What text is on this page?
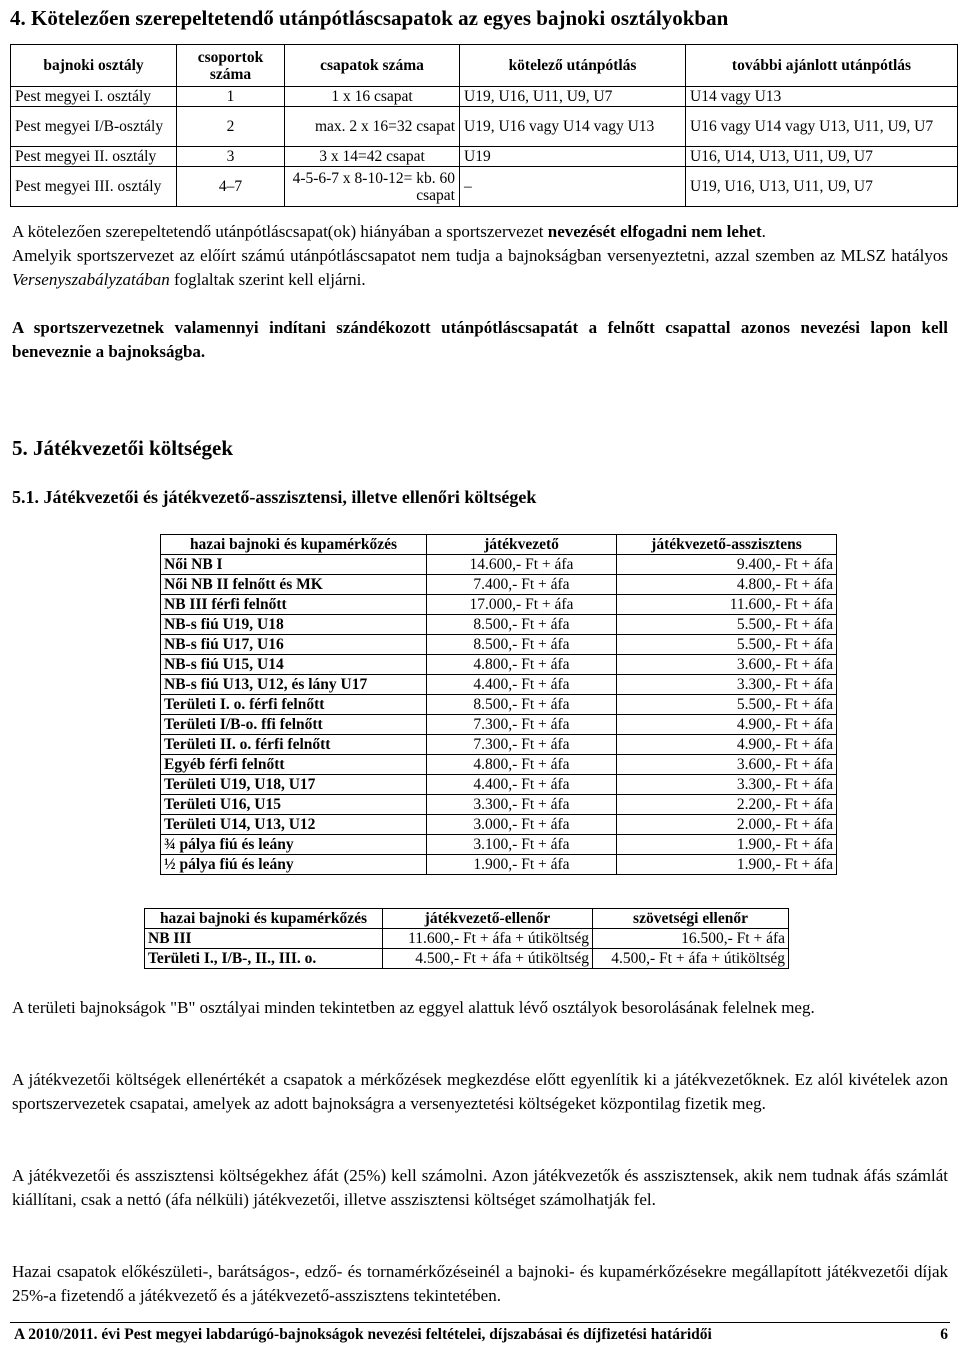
4. Kötelezően szerepeltetendő utánpótláscsapatok az egyes bajnoki osztályokban
bajnoki osztály	csoportok száma	csapatok száma	kötelező utánpótlás	további ajánlott utánpótlás
Pest megyei I. osztály	1	1 x 16 csapat	U19, U16, U11, U9, U7	U14 vagy U13
Pest megyei I/B-osztály	2	max. 2 x 16=32 csapat	U19, U16 vagy U14 vagy U13	U16 vagy U14 vagy U13, U11, U9, U7
Pest megyei II. osztály	3	3 x 14=42 csapat	U19	U16, U14, U13, U11, U9, U7
Pest megyei III. osztály	4–7	4-5-6-7 x 8-10-12= kb. 60 csapat	–	U19, U16, U13, U11, U9, U7

A kötelezően szerepeltetendő utánpótláscsapat(ok) hiányában a sportszervezet nevezését elfogadni nem lehet.

Amelyik sportszervezet az előírt számú utánpótláscsapatot nem tudja a bajnokságban versenyeztetni, azzal szemben az MLSZ hatályos Versenyszabályzatában foglaltak szerint kell eljárni.

A sportszervezetnek valamennyi indítani szándékozott utánpótláscsapatát a felnőtt csapattal azonos nevezési lapon kell beneveznie a bajnokságba.

5. Játékvezetői költségek
5.1. Játékvezetői és játékvezető-asszisztensi, illetve ellenőri költségek
hazai bajnoki és kupamérkőzés	játékvezető	játékvezető-asszisztens
Női NB I	14.600,- Ft + áfa	9.400,- Ft + áfa
Női NB II felnőtt és MK	7.400,- Ft + áfa	4.800,- Ft + áfa
NB III férfi felnőtt	17.000,- Ft + áfa	11.600,- Ft + áfa
NB-s fiú U19, U18	8.500,- Ft + áfa	5.500,- Ft + áfa
NB-s fiú U17, U16	8.500,- Ft + áfa	5.500,- Ft + áfa
NB-s fiú U15, U14	4.800,- Ft + áfa	3.600,- Ft + áfa
NB-s fiú U13, U12, és lány U17	4.400,- Ft + áfa	3.300,- Ft + áfa
Területi I. o. férfi felnőtt	8.500,- Ft + áfa	5.500,- Ft + áfa
Területi I/B-o. ffi felnőtt	7.300,- Ft + áfa	4.900,- Ft + áfa
Területi II. o. férfi felnőtt	7.300,- Ft + áfa	4.900,- Ft + áfa
Egyéb férfi felnőtt	4.800,- Ft + áfa	3.600,- Ft + áfa
Területi U19, U18, U17	4.400,- Ft + áfa	3.300,- Ft + áfa
Területi U16, U15	3.300,- Ft + áfa	2.200,- Ft + áfa
Területi U14, U13, U12	3.000,- Ft + áfa	2.000,- Ft + áfa
¾ pálya fiú és leány	3.100,- Ft + áfa	1.900,- Ft + áfa
½ pálya fiú és leány	1.900,- Ft + áfa	1.900,- Ft + áfa
hazai bajnoki és kupamérkőzés	játékvezető-ellenőr	szövetségi ellenőr
NB III	11.600,- Ft + áfa + útiköltség	16.500,- Ft + áfa
Területi I., I/B-, II., III. o.	4.500,- Ft + áfa + útiköltség	4.500,- Ft + áfa + útiköltség

A területi bajnokságok "B" osztályai minden tekintetben az eggyel alattuk lévő osztályok besorolásának felelnek meg.

A játékvezetői költségek ellenértékét a csapatok a mérkőzések megkezdése előtt egyenlítik ki a játékvezetőknek. Ez alól kivételek azon sportszervezetek csapatai, amelyek az adott bajnokságra a versenyeztetési költségeket központilag fizetik meg.

A játékvezetői és asszisztensi költségekhez áfát (25%) kell számolni. Azon játékvezetők és asszisztensek, akik nem tudnak áfás számlát kiállítani, csak a nettó (áfa nélküli) játékvezetői, illetve asszisztensi költséget számolhatják fel.

Hazai csapatok előkészületi-, barátságos-, edző- és tornamérkőzéseinél a bajnoki- és kupamérkőzésekre megállapított játékvezetői díjak 25%-a fizetendő a játékvezető és a játékvezető-asszisztens tekintetében.

A 2010/2011. évi Pest megyei labdarúgó-bajnokságok nevezési feltételei, díjszabásai és díjfizetési határidői	6
